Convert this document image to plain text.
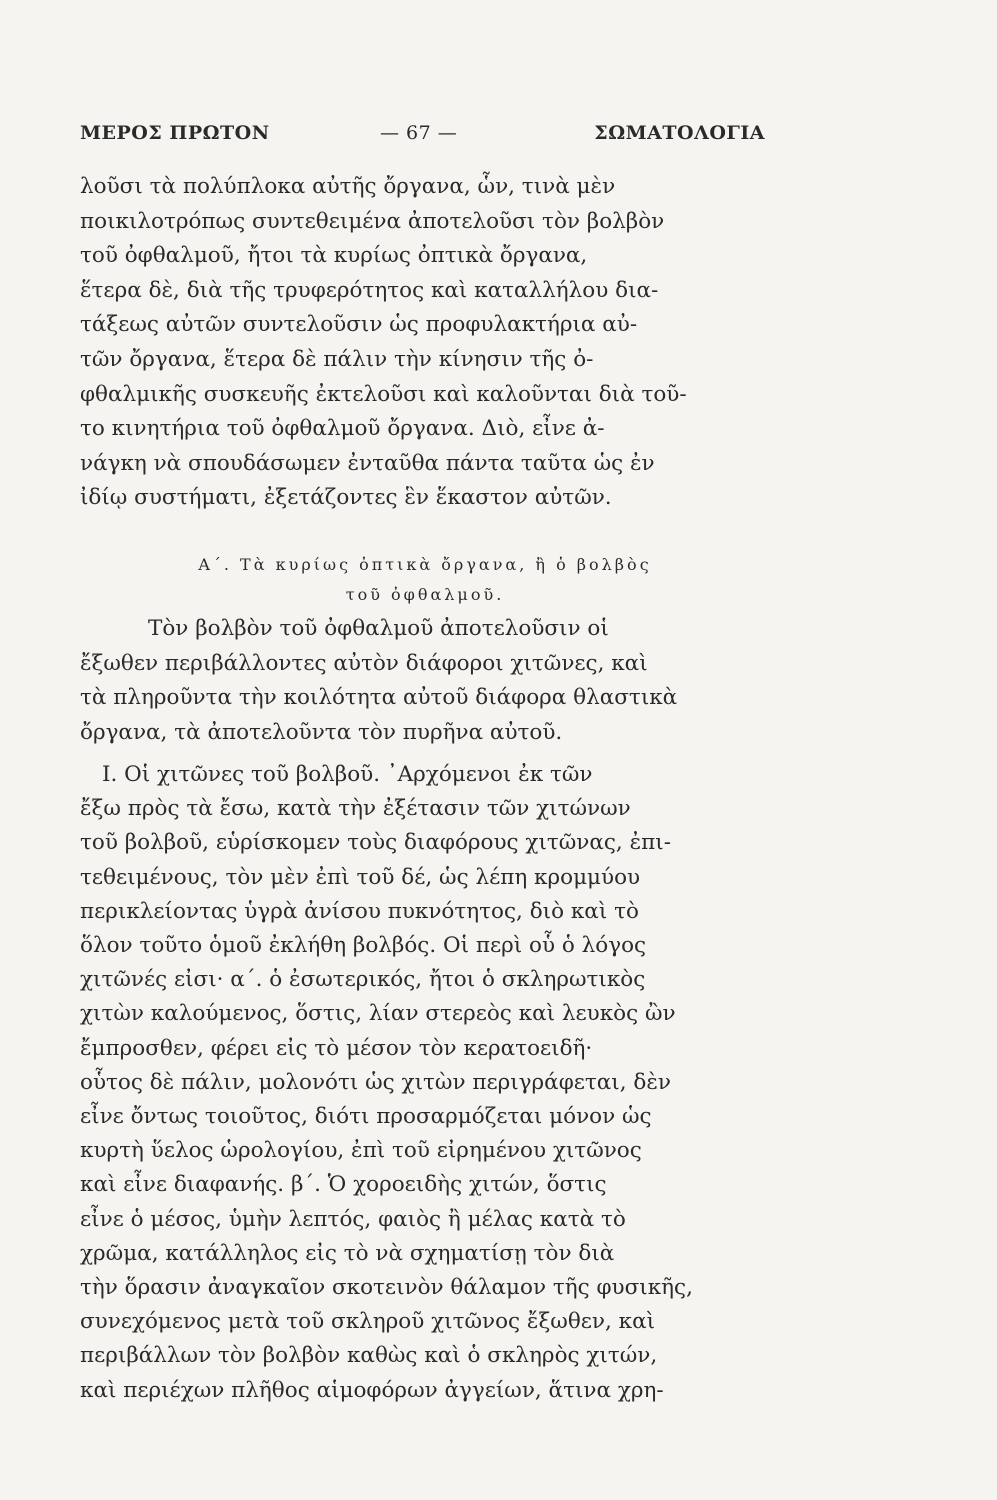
ΜΕΡΟΣ ΠΡΩΤΟΝ	— 67 —	ΣΩΜΑΤΟΛΟΓΙΑ
λοῦσι τὰ πολύπλοκα αὐτῆς ὄργανα, ὧν, τινὰ μὲν
ποικιλοτρόπως συντεθειμένα ἀποτελοῦσι τὸν βολβὸν
τοῦ ὀφθαλμοῦ, ἤτοι τὰ κυρίως ὀπτικὰ ὄργανα,
ἕτερα δὲ, διὰ τῆς τρυφερότητος καὶ καταλλήλου δια-
τάξεως αὐτῶν συντελοῦσιν ὡς προφυλακτήρια αὐ-
τῶν ὄργανα, ἕτερα δὲ πάλιν τὴν κίνησιν τῆς ὀ-
φθαλμικῆς συσκευῆς ἐκτελοῦσι καὶ καλοῦνται διὰ τοῦ-
το κινητήρια τοῦ ὀφθαλμοῦ ὄργανα. Διὸ, εἶνε ἀ-
νάγκη νὰ σπουδάσωμεν ἐνταῦθα πάντα ταῦτα ὡς ἐν
ἰδίῳ συστήματι, ἐξετάζοντες ἓν ἕκαστον αὐτῶν.
Α΄. Τὰ κυρίως ὀπτικὰ ὄργανα, ἢ ὁ βολβὸς
τοῦ ὀφθαλμοῦ.
Τὸν βολβὸν τοῦ ὀφθαλμοῦ ἀποτελοῦσιν οἱ
ἔξωθεν περιβάλλοντες αὐτὸν διάφοροι χιτῶνες, καὶ
τὰ πληροῦντα τὴν κοιλότητα αὐτοῦ διάφορα θλαστικὰ
ὄργανα, τὰ ἀποτελοῦντα τὸν πυρῆνα αὐτοῦ.
I. Οἱ χιτῶνες τοῦ βολβοῦ. ᾿Αρχόμενοι ἐκ τῶν
ἔξω πρὸς τὰ ἔσω, κατὰ τὴν ἐξέτασιν τῶν χιτώνων
τοῦ βολβοῦ, εὑρίσκομεν τοὺς διαφόρους χιτῶνας, ἐπι-
τεθειμένους, τὸν μὲν ἐπὶ τοῦ δέ, ὡς λέπη κρομμύου
περικλείοντας ὑγρὰ ἀνίσου πυκνότητος, διὸ καὶ τὸ
ὅλον τοῦτο ὁμοῦ ἐκλήθη βολβός. Οἱ περὶ οὗ ὁ λόγος
χιτῶνές εἰσι· α΄. ὁ ἐσωτερικός, ἤτοι ὁ σκληρωτικὸς
χιτὼν καλούμενος, ὅστις, λίαν στερεὸς καὶ λευκὸς ὢν
ἔμπροσθεν, φέρει εἰς τὸ μέσον τὸν κερατοειδῆ·
οὗτος δὲ πάλιν, μολονότι ὡς χιτὼν περιγράφεται, δὲν
εἶνε ὄντως τοιοῦτος, διότι προσαρμόζεται μόνον ὡς
κυρτὴ ὕελος ὡρολογίου, ἐπὶ τοῦ εἰρημένου χιτῶνος
καὶ εἶνε διαφανής. β΄. Ὁ χοροειδὴς χιτών, ὅστις
εἶνε ὁ μέσος, ὑμὴν λεπτός, φαιὸς ἢ μέλας κατὰ τὸ
χρῶμα, κατάλληλος εἰς τὸ νὰ σχηματίσῃ τὸν διὰ
τὴν ὅρασιν ἀναγκαῖον σκοτεινὸν θάλαμον τῆς φυσικῆς,
συνεχόμενος μετὰ τοῦ σκληροῦ χιτῶνος ἔξωθεν, καὶ
περιβάλλων τὸν βολβὸν καθὼς καὶ ὁ σκληρὸς χιτών,
καὶ περιέχων πλῆθος αἱμοφόρων ἀγγείων, ἅτινα χρη-
